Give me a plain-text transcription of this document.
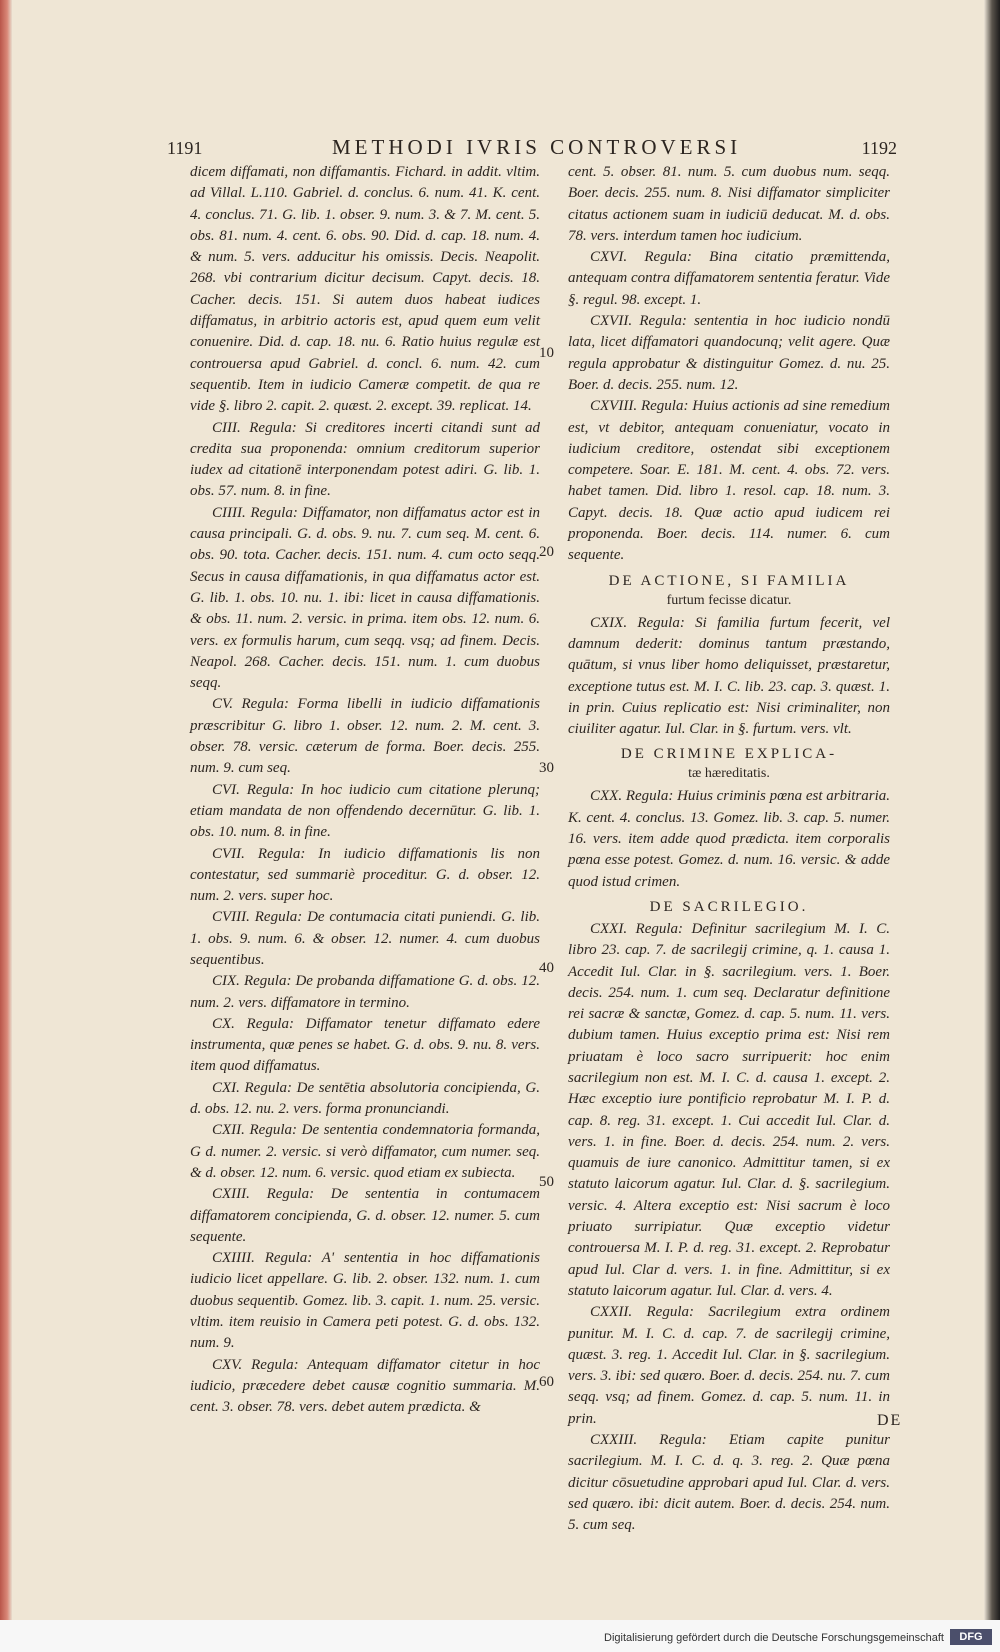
1191	METHODI IVRIS CONTROVERSI	1192

dicem diffamati, non diffamantis. Fichard. in addit. vltim. ad Villal. L.110. Gabriel. d. conclus. 6. num. 41. K. cent. 4. conclus. 71. G. lib. 1. obser. 9. num. 3. & 7. M. cent. 5. obs. 81. num. 4. cent. 6. obs. 90. Did. d. cap. 18. num. 4. & num. 5. vers. adducitur his omissis. Decis. Neapolit. 268. vbi contrarium dicitur decisum. Capyt. decis. 18. Cacher. decis. 151. Si autem duos habeat iudices diffamatus, in arbitrio actoris est, apud quem eum velit conuenire. Did. d. cap. 18. nu. 6. Ratio huius regulæ est controuersa apud Gabriel. d. concl. 6. num. 42. cum sequentib. Item in iudicio Cameræ competit. de qua re vide §. libro 2. capit. 2. quæst. 2. except. 39. replicat. 14.

CIII. Regula: Si creditores incerti citandi sunt ad credita sua proponenda: omnium creditorum superior iudex ad citationē interponendam potest adiri. G. lib. 1. obs. 57. num. 8. in fine.

CIIII. Regula: Diffamator, non diffamatus actor est in causa principali. G. d. obs. 9. nu. 7. cum seq. M. cent. 6. obs. 90. tota. Cacher. decis. 151. num. 4. cum octo seqq. Secus in causa diffamationis, in qua diffamatus actor est. G. lib. 1. obs. 10. nu. 1. ibi: licet in causa diffamationis. & obs. 11. num. 2. versic. in prima. item obs. 12. num. 6. vers. ex formulis harum, cum seqq. vsq; ad finem. Decis. Neapol. 268. Cacher. decis. 151. num. 1. cum duobus seqq.

CV. Regula: Forma libelli in iudicio diffamationis præscribitur G. libro 1. obser. 12. num. 2. M. cent. 3. obser. 78. versic. cæterum de forma. Boer. decis. 255. num. 9. cum seq.

CVI. Regula: In hoc iudicio cum citatione plerunq; etiam mandata de non offendendo decernūtur. G. lib. 1. obs. 10. num. 8. in fine.

CVII. Regula: In iudicio diffamationis lis non contestatur, sed summariè proceditur. G. d. obser. 12. num. 2. vers. super hoc.

CVIII. Regula: De contumacia citati puniendi. G. lib. 1. obs. 9. num. 6. & obser. 12. numer. 4. cum duobus sequentibus.

CIX. Regula: De probanda diffamatione G. d. obs. 12. num. 2. vers. diffamatore in termino.

CX. Regula: Diffamator tenetur diffamato edere instrumenta, quæ penes se habet. G. d. obs. 9. nu. 8. vers. item quod diffamatus.

CXI. Regula: De sentētia absolutoria concipienda, G. d. obs. 12. nu. 2. vers. forma pronunciandi.

CXII. Regula: De sententia condemnatoria formanda, G d. numer. 2. versic. si verò diffamator, cum numer. seq. & d. obser. 12. num. 6. versic. quod etiam ex subiecta.

CXIII. Regula: De sententia in contumacem diffamatorem concipienda, G. d. obser. 12. numer. 5. cum sequente.

CXIIII. Regula: A' sententia in hoc diffamationis iudicio licet appellare. G. lib. 2. obser. 132. num. 1. cum duobus sequentib. Gomez. lib. 3. capit. 1. num. 25. versic. vltim. item reuisio in Camera peti potest. G. d. obs. 132. num. 9.

CXV. Regula: Antequam diffamator citetur in hoc iudicio, præcedere debet causæ cognitio summaria. M. cent. 3. obser. 78. vers. debet autem prædicta. &

10
20
30
40
50
60

cent. 5. obser. 81. num. 5. cum duobus num. seqq. Boer. decis. 255. num. 8. Nisi diffamator simpliciter citatus actionem suam in iudiciū deducat. M. d. obs. 78. vers. interdum tamen hoc iudicium.

CXVI. Regula: Bina citatio præmittenda, antequam contra diffamatorem sententia feratur. Vide §. regul. 98. except. 1.

CXVII. Regula: sententia in hoc iudicio nondū lata, licet diffamatori quandocunq; velit agere. Quæ regula approbatur & distinguitur Gomez. d. nu. 25. Boer. d. decis. 255. num. 12.

CXVIII. Regula: Huius actionis ad sine remedium est, vt debitor, antequam conueniatur, vocato in iudicium creditore, ostendat sibi exceptionem competere. Soar. E. 181. M. cent. 4. obs. 72. vers. habet tamen. Did. libro 1. resol. cap. 18. num. 3. Capyt. decis. 18. Quæ actio apud iudicem rei proponenda. Boer. decis. 114. numer. 6. cum sequente.

DE ACTIONE, SI FAMILIA
furtum fecisse dicatur.

CXIX. Regula: Si familia furtum fecerit, vel damnum dederit: dominus tantum præstando, quātum, si vnus liber homo deliquisset, præstaretur, exceptione tutus est. M. I. C. lib. 23. cap. 3. quæst. 1. in prin. Cuius replicatio est: Nisi criminaliter, non ciuiliter agatur. Iul. Clar. in §. furtum. vers. vlt.

DE CRIMINE EXPLICA-
tæ hæreditatis.

CXX. Regula: Huius criminis pœna est arbitraria. K. cent. 4. conclus. 13. Gomez. lib. 3. cap. 5. numer. 16. vers. item adde quod prædicta. item corporalis pœna esse potest. Gomez. d. num. 16. versic. & adde quod istud crimen.

DE SACRILEGIO.

CXXI. Regula: Definitur sacrilegium M. I. C. libro 23. cap. 7. de sacrilegij crimine, q. 1. causa 1. Accedit Iul. Clar. in §. sacrilegium. vers. 1. Boer. decis. 254. num. 1. cum seq. Declaratur definitione rei sacræ & sanctæ, Gomez. d. cap. 5. num. 11. vers. dubium tamen. Huius exceptio prima est: Nisi rem priuatam è loco sacro surripuerit: hoc enim sacrilegium non est. M. I. C. d. causa 1. except. 2. Hæc exceptio iure pontificio reprobatur M. I. P. d. cap. 8. reg. 31. except. 1. Cui accedit Iul. Clar. d. vers. 1. in fine. Boer. d. decis. 254. num. 2. vers. quamuis de iure canonico. Admittitur tamen, si ex statuto laicorum agatur. Iul. Clar. d. §. sacrilegium. versic. 4. Altera exceptio est: Nisi sacrum è loco priuato surripiatur. Quæ exceptio videtur controuersa M. I. P. d. reg. 31. except. 2. Reprobatur apud Iul. Clar d. vers. 1. in fine. Admittitur, si ex statuto laicorum agatur. Iul. Clar. d. vers. 4.

CXXII. Regula: Sacrilegium extra ordinem punitur. M. I. C. d. cap. 7. de sacrilegij crimine, quæst. 3. reg. 1. Accedit Iul. Clar. in §. sacrilegium. vers. 3. ibi: sed quæro. Boer. d. decis. 254. nu. 7. cum seqq. vsq; ad finem. Gomez. d. cap. 5. num. 11. in prin.

CXXIII. Regula: Etiam capite punitur sacrilegium. M. I. C. d. q. 3. reg. 2. Quæ pœna dicitur cōsuetudine approbari apud Iul. Clar. d. vers. sed quæro. ibi: dicit autem. Boer. d. decis. 254. num. 5. cum seq.

DE
Digitalisierung gefördert durch die Deutsche Forschungsgemeinschaft	DFG
